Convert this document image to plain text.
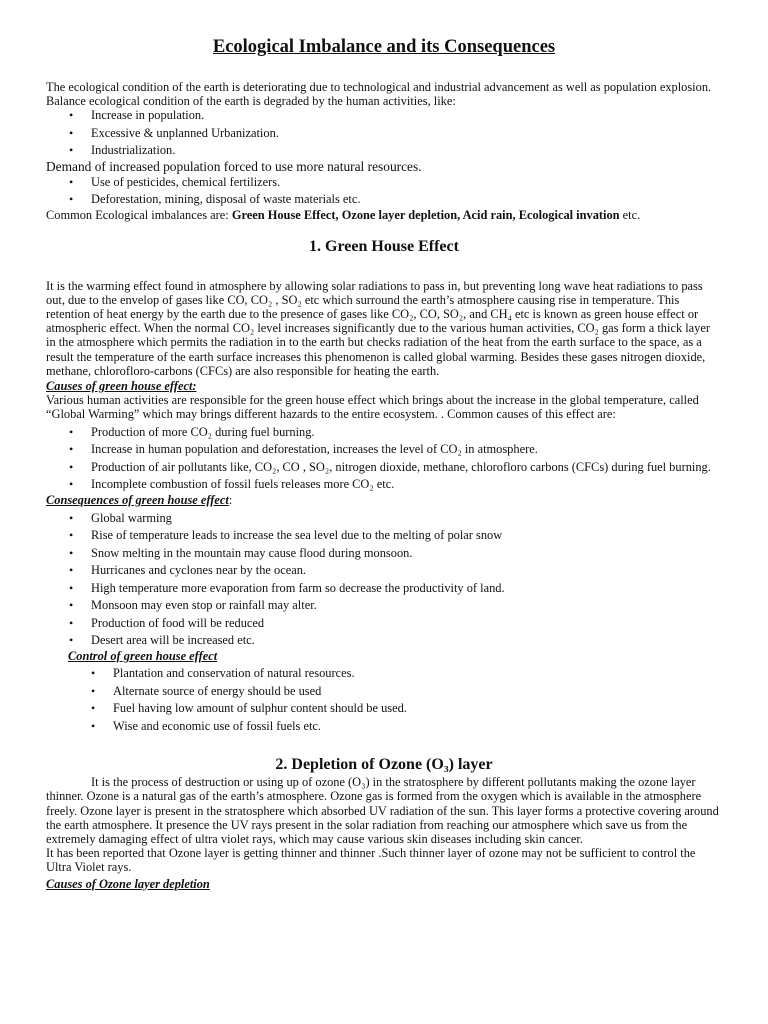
Ecological Imbalance and its Consequences

The ecological condition of the earth is deteriorating due to technological and industrial advancement as well as population explosion. Balance ecological condition of the earth is degraded by the human activities, like:

• Increase in population.
• Excessive & unplanned Urbanization.
• Industrialization.

Demand of increased population forced to use more natural resources.

• Use of pesticides, chemical fertilizers.
• Deforestation, mining, disposal of waste materials etc.

Common Ecological imbalances are: Green House Effect, Ozone layer depletion, Acid rain, Ecological invation etc.

1. Green House Effect

It is the warming effect found in atmosphere by allowing solar radiations to pass in, but preventing long wave heat radiations to pass out, due to the envelop of gases like CO, CO₂ , SO₂ etc which surround the earth’s atmosphere causing rise in temperature. This retention of heat energy by the earth due to the presence of gases like CO₂, CO, SO₂, and CH₄ etc is known as green house effect or atmospheric effect. When the normal CO₂ level increases significantly due to the various human activities, CO₂ gas form a thick layer in the atmosphere which permits the radiation in to the earth but checks radiation of the heat from the earth surface to the space, as a result the temperature of the earth surface increases this phenomenon is called global warming. Besides these gases nitrogen dioxide, methane, chlorofloro-carbons (CFCs) are also responsible for heating the earth.

Causes of green house effect:

Various human activities are responsible for the green house effect which brings about the increase in the global temperature, called “Global Warming” which may brings different hazards to the entire ecosystem. . Common causes of this effect are:

• Production of more CO₂ during fuel burning.
• Increase in human population and deforestation, increases the level of CO₂ in atmosphere.
• Production of air pollutants like, CO₂, CO , SO₂, nitrogen dioxide, methane, chlorofloro carbons (CFCs) during fuel burning.
• Incomplete combustion of fossil fuels releases more CO₂ etc.

Consequences of green house effect:

• Global warming
• Rise of temperature leads to increase the sea level due to the melting of polar snow
• Snow melting in the mountain may cause flood during monsoon.
• Hurricanes and cyclones near by the ocean.
• High temperature more evaporation from farm so decrease the productivity of land.
• Monsoon may even stop or rainfall may alter.
• Production of food will be reduced
• Desert area will be increased etc.

Control of green house effect

• Plantation and conservation of natural resources.
• Alternate source of energy should be used
• Fuel having low amount of sulphur content should be used.
• Wise and economic use of fossil fuels etc.
2. Depletion of Ozone (O₃) layer

It is the process of destruction or using up of ozone (O₃) in the stratosphere by different pollutants making the ozone layer thinner. Ozone is a natural gas of the earth’s atmosphere. Ozone gas is formed from the oxygen which is available in the atmosphere freely. Ozone layer is present in the stratosphere which absorbed UV radiation of the sun. This layer forms a protective covering around the earth atmosphere. It presence the UV rays present in the solar radiation from reaching our atmosphere which save us from the extremely damaging effect of ultra violet rays, which may cause various skin diseases including skin cancer.

It has been reported that Ozone layer is getting thinner and thinner .Such thinner layer of ozone may not be sufficient to control the Ultra Violet rays.

Causes of Ozone layer depletion
